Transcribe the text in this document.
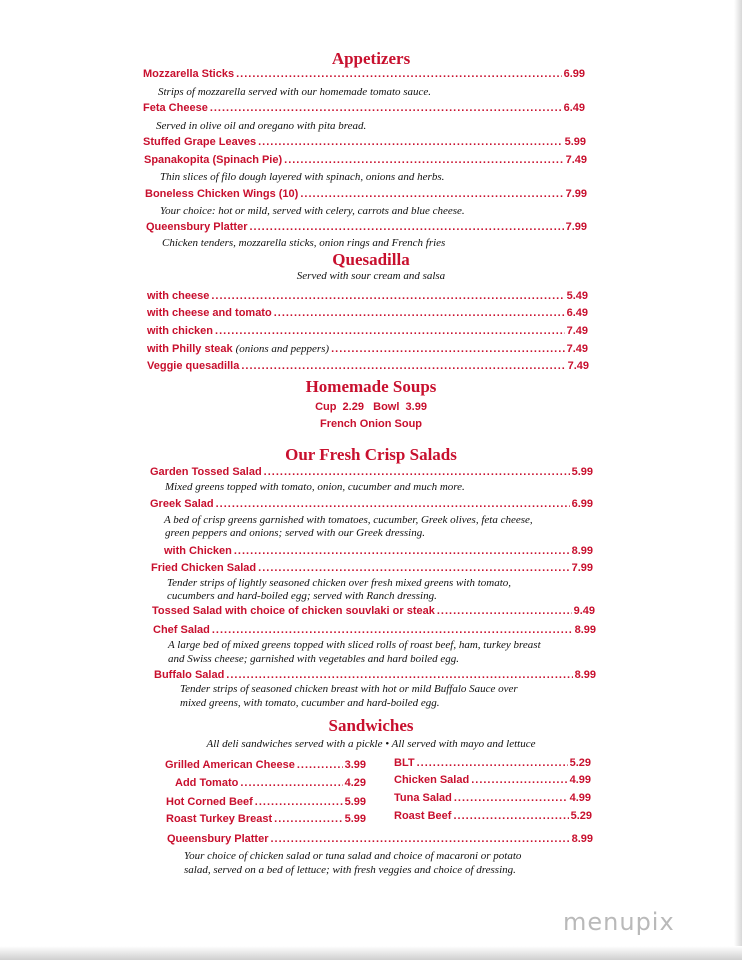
Appetizers
Mozzarella Sticks .....	6.99
Strips of mozzarella served with our homemade tomato sauce.
Feta Cheese .....	6.49
Served in olive oil and oregano with pita bread.
Stuffed Grape Leaves .....	5.99
Spanakopita (Spinach Pie) .....	7.49
Thin slices of filo dough layered with spinach, onions and herbs.
Boneless Chicken Wings (10) .....	7.99
Your choice: hot or mild, served with celery, carrots and blue cheese.
Queensbury Platter .....	7.99
Chicken tenders, mozzarella sticks, onion rings and French fries
Quesadilla
Served with sour cream and salsa
with cheese .....	5.49
with cheese and tomato .....	6.49
with chicken .....	7.49
with Philly steak (onions and peppers) .....	7.49
Veggie quesadilla .....	7.49
Homemade Soups
Cup  2.29   Bowl  3.99
French Onion Soup
Our Fresh Crisp Salads
Garden Tossed Salad .....	5.99
Mixed greens topped with tomato, onion, cucumber and much more.
Greek Salad .....	6.99
A bed of crisp greens garnished with tomatoes, cucumber, Greek olives, feta cheese,
green peppers and onions; served with our Greek dressing.
with Chicken .....	8.99
Fried Chicken Salad .....	7.99
Tender strips of lightly seasoned chicken over fresh mixed greens with tomato,
cucumbers and hard-boiled egg; served with Ranch dressing.
Tossed Salad with choice of chicken souvlaki or steak .....	9.49
Chef Salad .....	8.99
A large bed of mixed greens topped with sliced rolls of roast beef, ham, turkey breast
and Swiss cheese; garnished with vegetables and hard boiled egg.
Buffalo Salad .....	8.99
Tender strips of seasoned chicken breast with hot or mild Buffalo Sauce over
mixed greens, with tomato, cucumber and hard-boiled egg.
Sandwiches
All deli sandwiches served with a pickle • All served with mayo and lettuce
Grilled American Cheese .....	3.99
Add Tomato .....	4.29
Hot Corned Beef .....	5.99
Roast Turkey Breast .....	5.99
BLT .....	5.29
Chicken Salad .....	4.99
Tuna Salad .....	4.99
Roast Beef .....	5.29
Queensbury Platter .....	8.99
Your choice of chicken salad or tuna salad and choice of macaroni or potato
salad, served on a bed of lettuce; with fresh veggies and choice of dressing.
menupix
